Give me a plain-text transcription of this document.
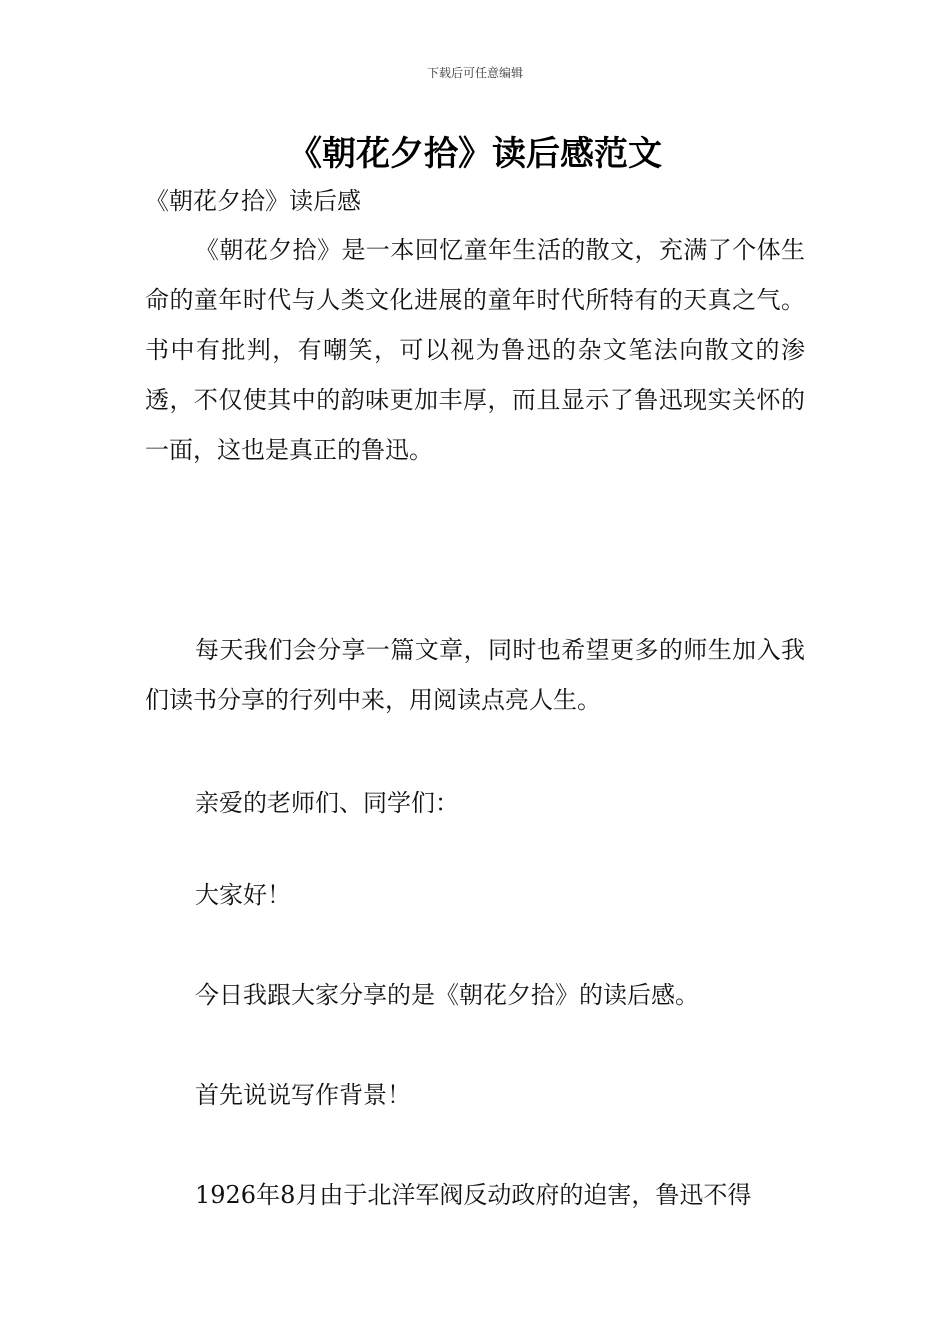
下载后可任意编辑
《朝花夕拾》读后感范文
《朝花夕拾》读后感

《朝花夕拾》是一本回忆童年生活的散文，充满了个体生命的童年时代与人类文化进展的童年时代所特有的天真之气。书中有批判，有嘲笑，可以视为鲁迅的杂文笔法向散文的渗透，不仅使其中的韵味更加丰厚，而且显示了鲁迅现实关怀的一面，这也是真正的鲁迅。

每天我们会分享一篇文章，同时也希望更多的师生加入我们读书分享的行列中来，用阅读点亮人生。

亲爱的老师们、同学们：

大家好！

今日我跟大家分享的是《朝花夕拾》的读后感。

首先说说写作背景！

1926年8月由于北洋军阀反动政府的迫害，鲁迅不得
